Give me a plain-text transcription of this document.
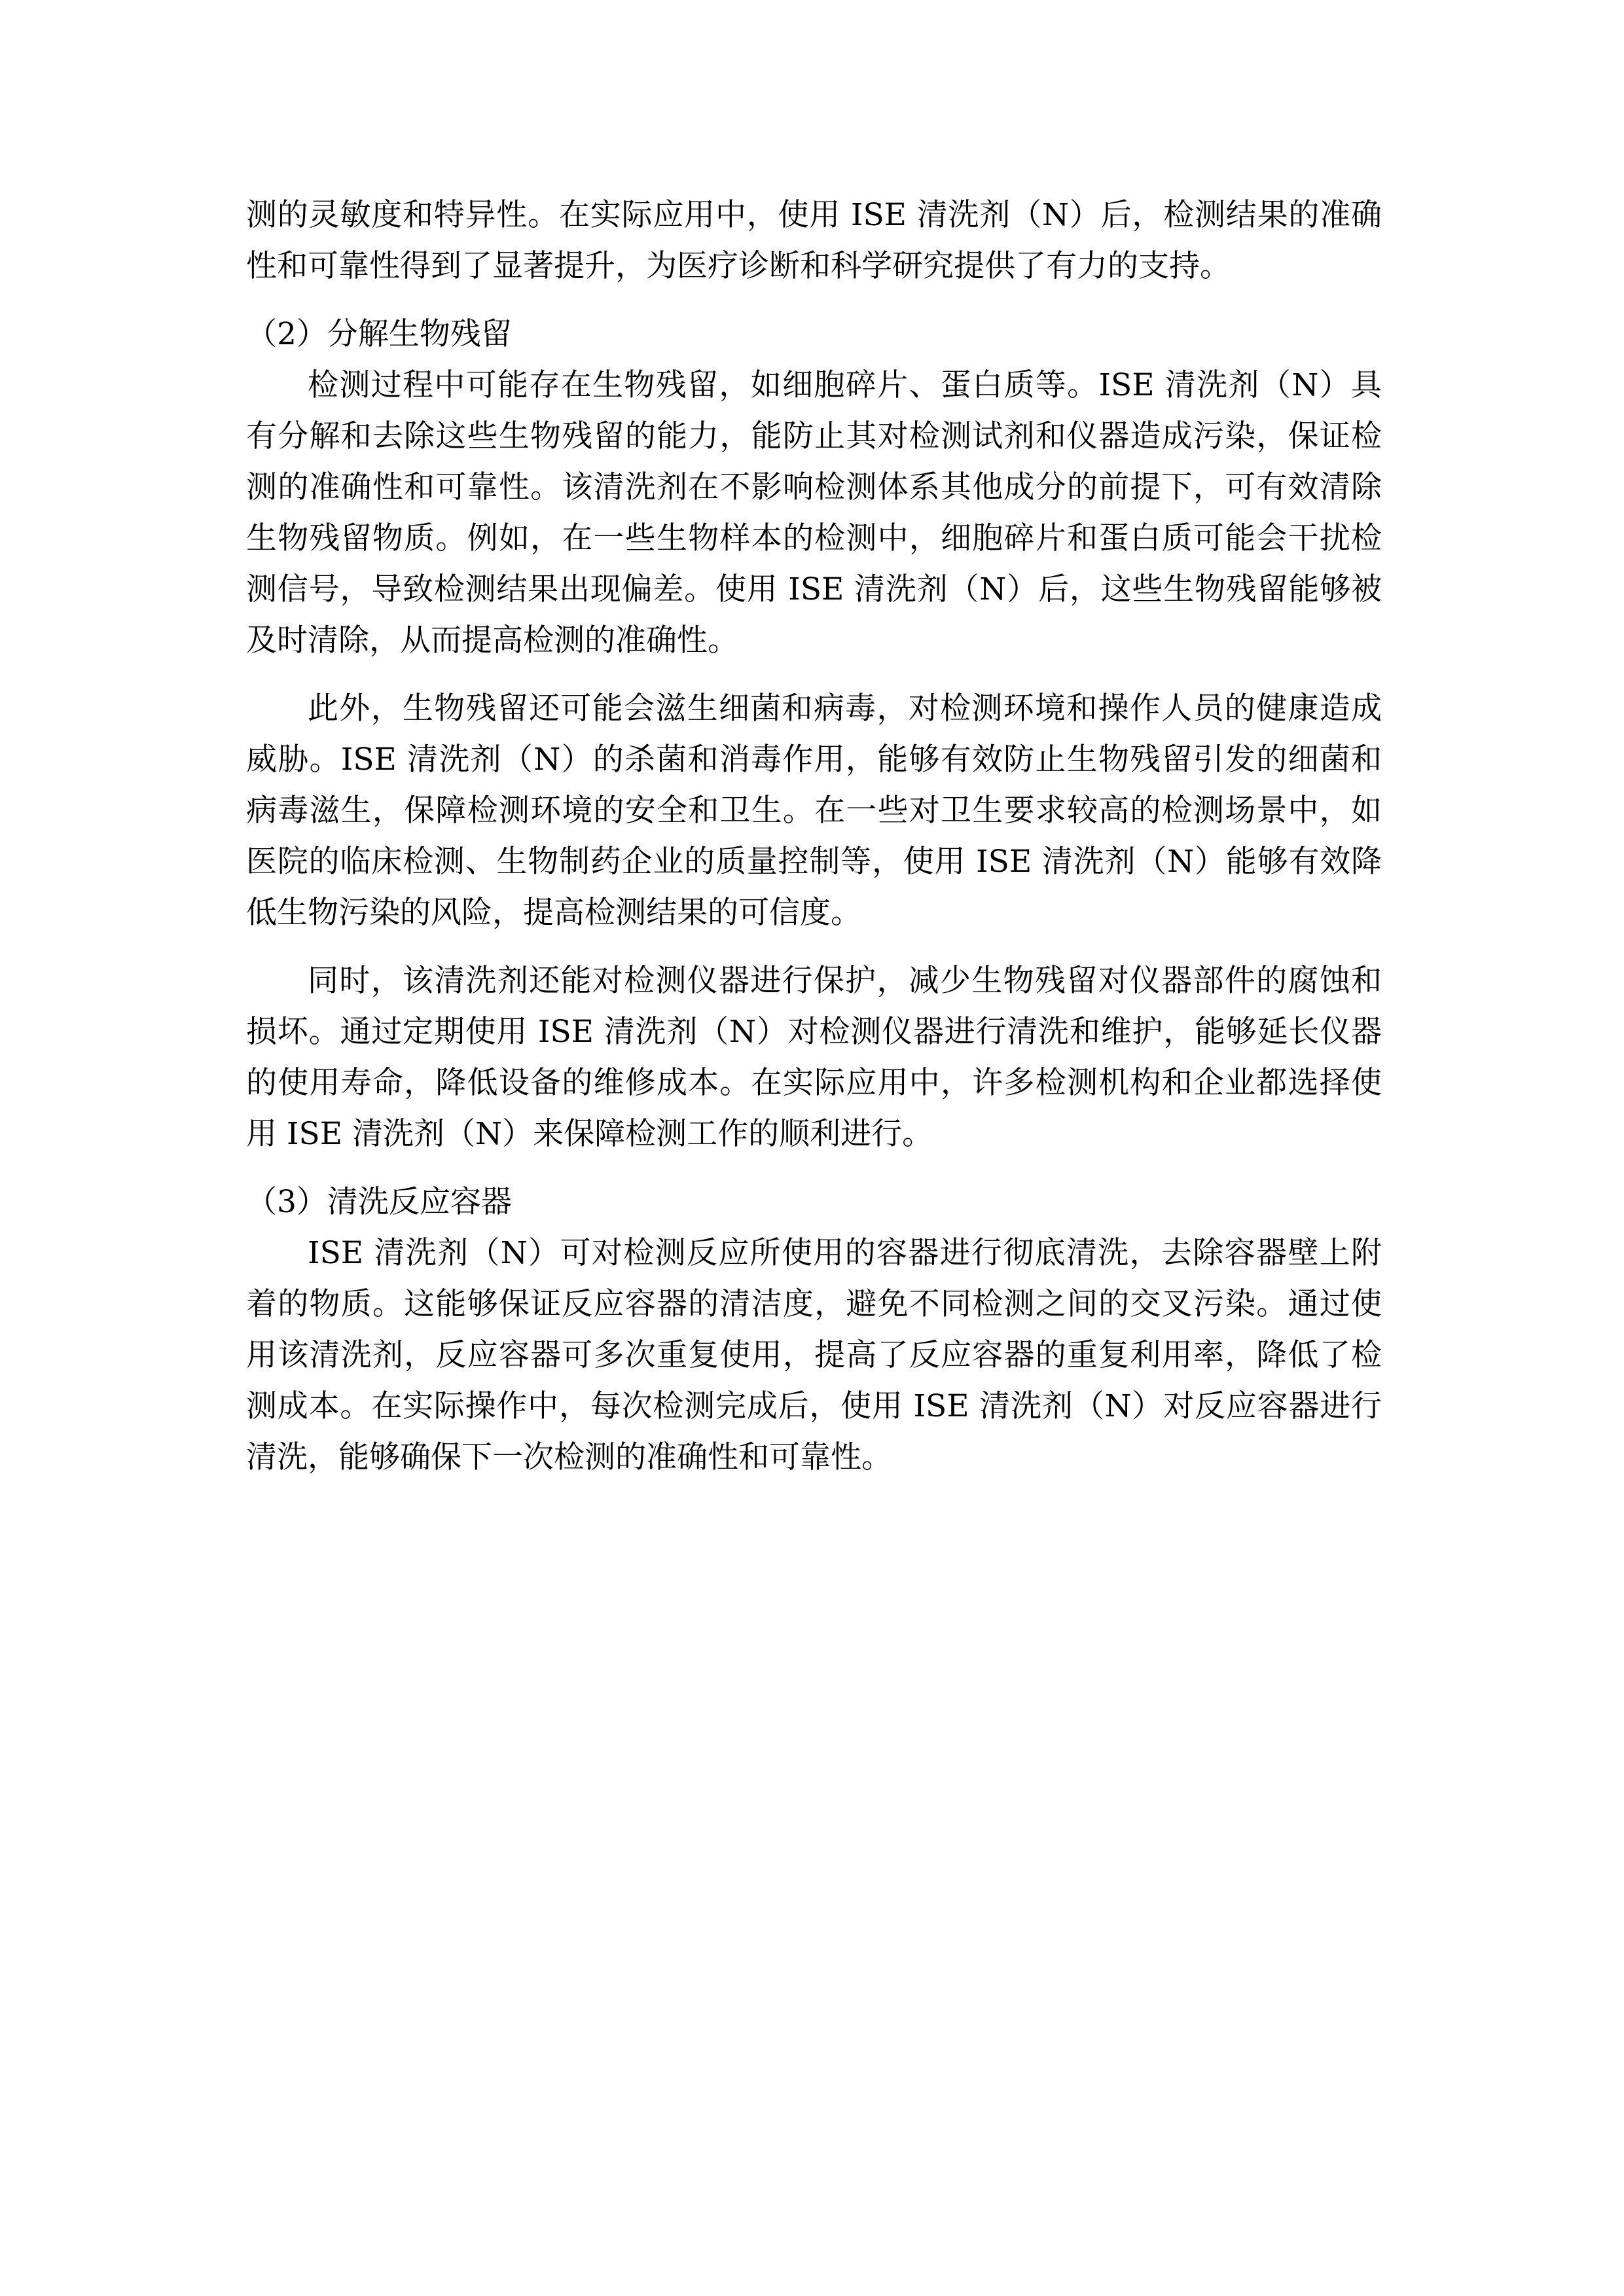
测的灵敏度和特异性。在实际应用中，使用 ISE 清洗剂（N）后，检测结果的准确性和可靠性得到了显著提升，为医疗诊断和科学研究提供了有力的支持。

（2）分解生物残留

检测过程中可能存在生物残留，如细胞碎片、蛋白质等。ISE 清洗剂（N）具有分解和去除这些生物残留的能力，能防止其对检测试剂和仪器造成污染，保证检测的准确性和可靠性。该清洗剂在不影响检测体系其他成分的前提下，可有效清除生物残留物质。例如，在一些生物样本的检测中，细胞碎片和蛋白质可能会干扰检测信号，导致检测结果出现偏差。使用 ISE 清洗剂（N）后，这些生物残留能够被及时清除，从而提高检测的准确性。

此外，生物残留还可能会滋生细菌和病毒，对检测环境和操作人员的健康造成威胁。ISE 清洗剂（N）的杀菌和消毒作用，能够有效防止生物残留引发的细菌和病毒滋生，保障检测环境的安全和卫生。在一些对卫生要求较高的检测场景中，如医院的临床检测、生物制药企业的质量控制等，使用 ISE 清洗剂（N）能够有效降低生物污染的风险，提高检测结果的可信度。

同时，该清洗剂还能对检测仪器进行保护，减少生物残留对仪器部件的腐蚀和损坏。通过定期使用 ISE 清洗剂（N）对检测仪器进行清洗和维护，能够延长仪器的使用寿命，降低设备的维修成本。在实际应用中，许多检测机构和企业都选择使用 ISE 清洗剂（N）来保障检测工作的顺利进行。

（3）清洗反应容器

ISE 清洗剂（N）可对检测反应所使用的容器进行彻底清洗，去除容器壁上附着的物质。这能够保证反应容器的清洁度，避免不同检测之间的交叉污染。通过使用该清洗剂，反应容器可多次重复使用，提高了反应容器的重复利用率，降低了检测成本。在实际操作中，每次检测完成后，使用 ISE 清洗剂（N）对反应容器进行清洗，能够确保下一次检测的准确性和可靠性。
